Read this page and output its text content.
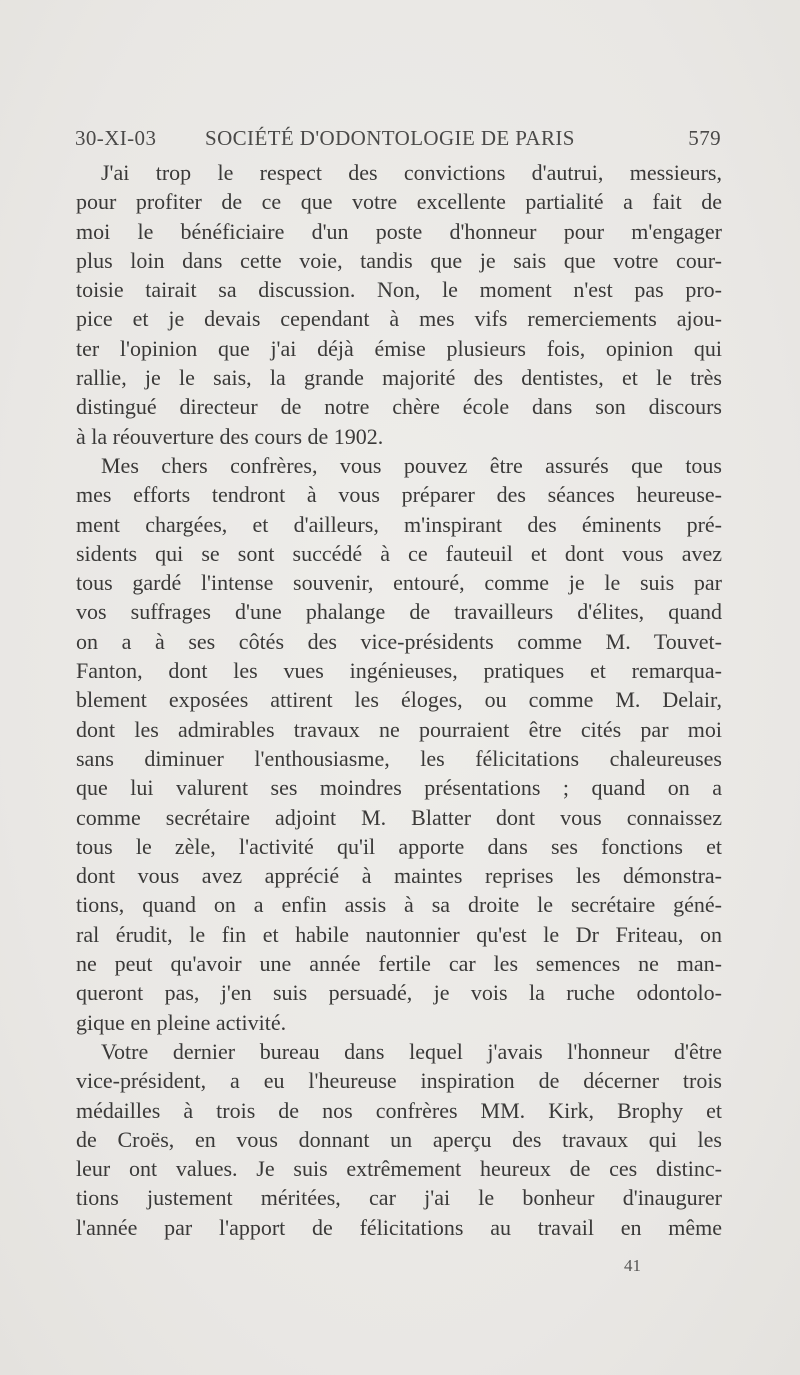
30-XI-03 SOCIÉTÉ D'ODONTOLOGIE DE PARIS	579
J'ai trop le respect des convictions d'autrui, messieurs,
pour profiter de ce que votre excellente partialité a fait de
moi le bénéficiaire d'un poste d'honneur pour m'engager
plus loin dans cette voie, tandis que je sais que votre cour-
toisie tairait sa discussion. Non, le moment n'est pas pro-
pice et je devais cependant à mes vifs remerciements ajou-
ter l'opinion que j'ai déjà émise plusieurs fois, opinion qui
rallie, je le sais, la grande majorité des dentistes, et le très
distingué directeur de notre chère école dans son discours
à la réouverture des cours de 1902.
Mes chers confrères, vous pouvez être assurés que tous
mes efforts tendront à vous préparer des séances heureuse-
ment chargées, et d'ailleurs, m'inspirant des éminents pré-
sidents qui se sont succédé à ce fauteuil et dont vous avez
tous gardé l'intense souvenir, entouré, comme je le suis par
vos suffrages d'une phalange de travailleurs d'élites, quand
on a à ses côtés des vice-présidents comme M. Touvet-
Fanton, dont les vues ingénieuses, pratiques et remarqua-
blement exposées attirent les éloges, ou comme M. Delair,
dont les admirables travaux ne pourraient être cités par moi
sans diminuer l'enthousiasme, les félicitations chaleureuses
que lui valurent ses moindres présentations ; quand on a
comme secrétaire adjoint M. Blatter dont vous connaissez
tous le zèle, l'activité qu'il apporte dans ses fonctions et
dont vous avez apprécié à maintes reprises les démonstra-
tions, quand on a enfin assis à sa droite le secrétaire géné-
ral érudit, le fin et habile nautonnier qu'est le Dr Friteau, on
ne peut qu'avoir une année fertile car les semences ne man-
queront pas, j'en suis persuadé, je vois la ruche odontolo-
gique en pleine activité.
Votre dernier bureau dans lequel j'avais l'honneur d'être
vice-président, a eu l'heureuse inspiration de décerner trois
médailles à trois de nos confrères MM. Kirk, Brophy et
de Croës, en vous donnant un aperçu des travaux qui les
leur ont values. Je suis extrêmement heureux de ces distinc-
tions justement méritées, car j'ai le bonheur d'inaugurer
l'année par l'apport de félicitations au travail en même
41
